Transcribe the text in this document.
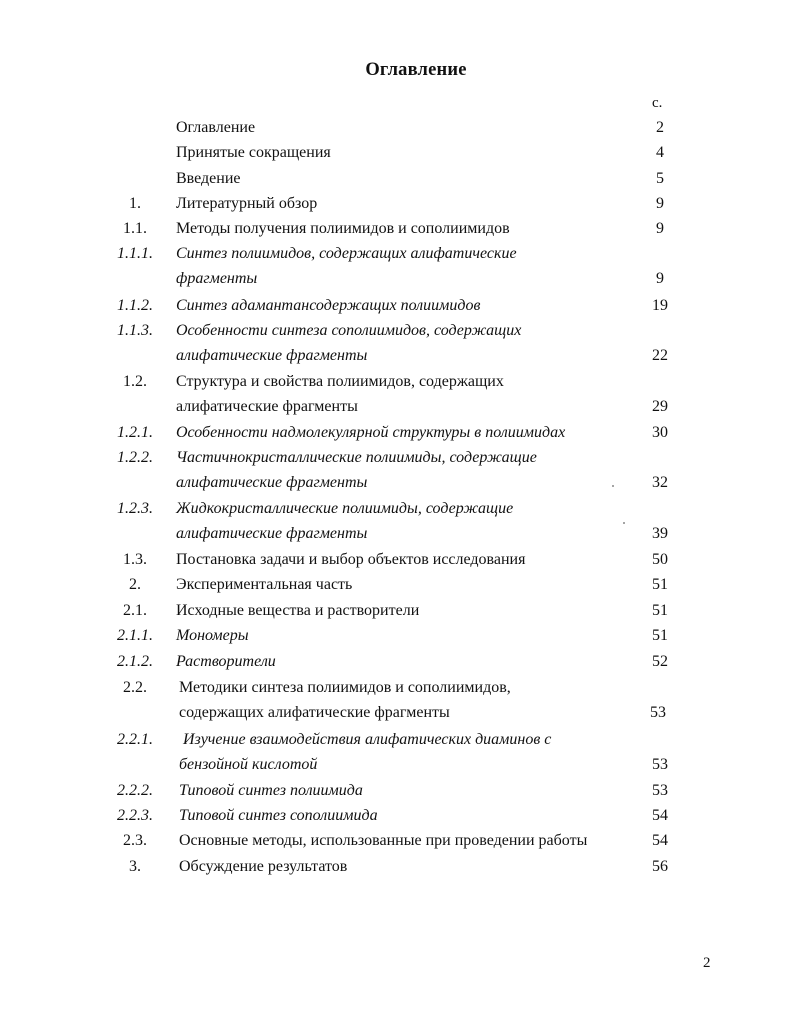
Оглавление
с.
Оглавление	2
Принятые сокращения	4
Введение	5
1.	Литературный обзор	9
1.1.	Методы получения полиимидов и сополиимидов	9
1.1.1.	Синтез полиимидов, содержащих алифатические
фрагменты	9
1.1.2.	Синтез адамантансодержащих полиимидов	19
1.1.3.	Особенности синтеза сополиимидов, содержащих
алифатические фрагменты	22
1.2.	Структура и свойства полиимидов, содержащих
алифатические фрагменты	29
1.2.1.	Особенности надмолекулярной структуры в полиимидах	30
1.2.2.	Частичнокристаллические полиимиды, содержащие
алифатические фрагменты	32
1.2.3.	Жидкокристаллические полиимиды, содержащие
алифатические фрагменты	39
1.3.	Постановка задачи и выбор объектов исследования	50
2.	Экспериментальная часть	51
2.1.	Исходные вещества и растворители	51
2.1.1.	Мономеры	51
2.1.2.	Растворители	52
2.2.	Методики синтеза полиимидов и сополиимидов,
содержащих алифатические фрагменты	53
2.2.1.	Изучение взаимодействия алифатических диаминов с
бензойной кислотой	53
2.2.2.	Типовой синтез полиимида	53
2.2.3.	Типовой синтез сополиимида	54
2.3.	Основные методы, использованные при проведении работы	54
3.	Обсуждение результатов	56
2
